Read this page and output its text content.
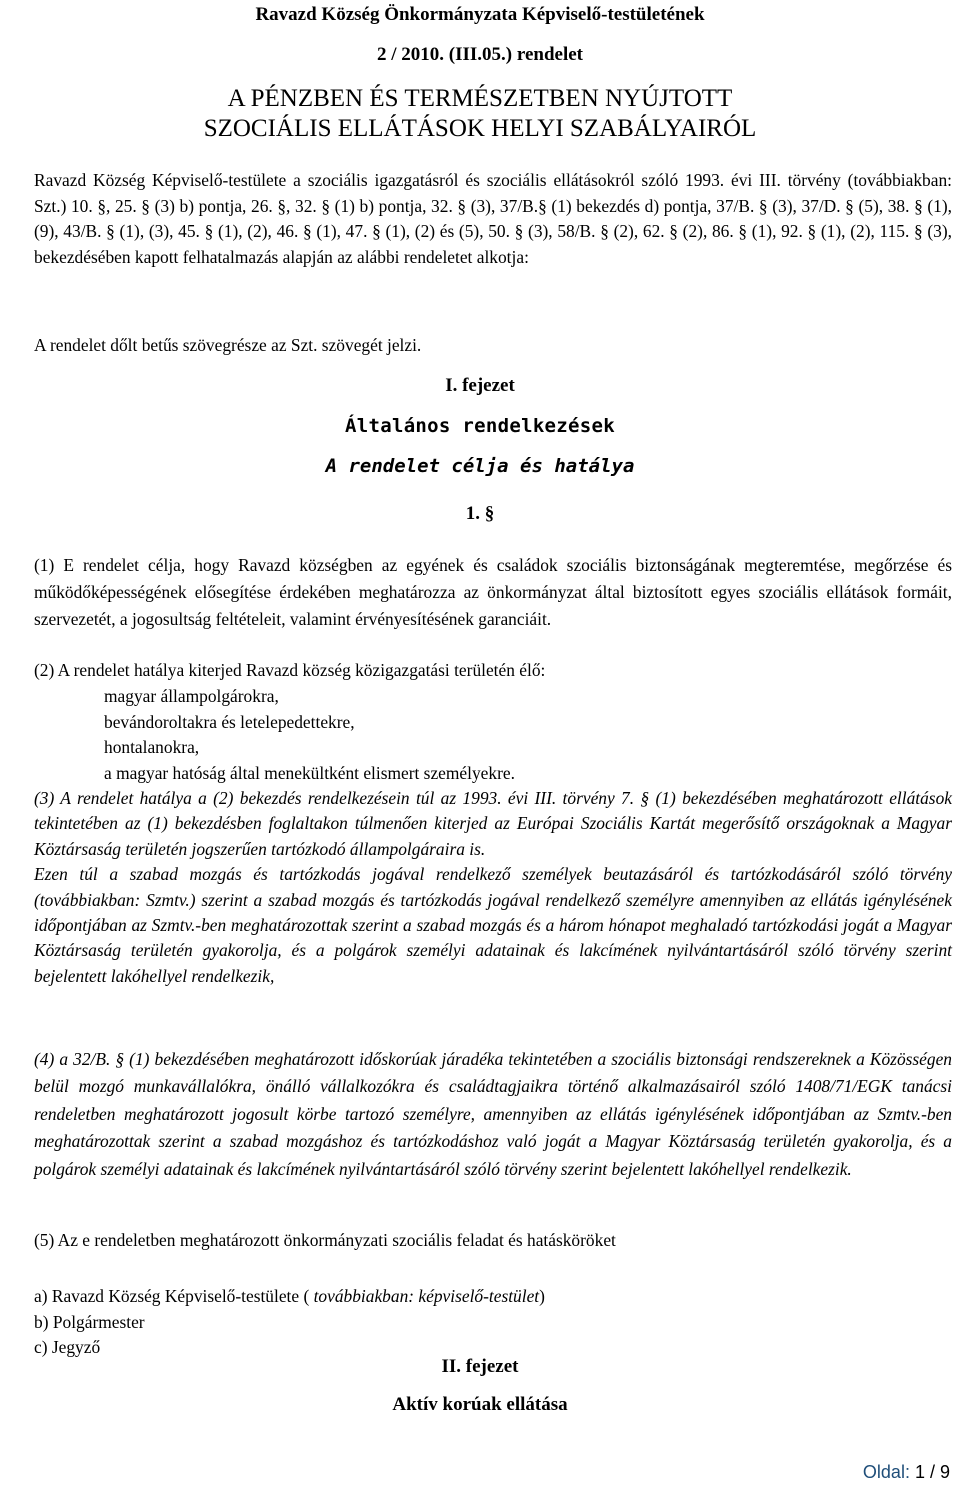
Ravazd Község Önkormányzata Képviselő-testületének
2 / 2010. (III.05.) rendelet
A PÉNZBEN ÉS TERMÉSZETBEN NYÚJTOTT
SZOCIÁLIS ELLÁTÁSOK HELYI SZABÁLYAIRÓL

Ravazd Község Képviselő-testülete a szociális igazgatásról és szociális ellátásokról szóló 1993. évi III. törvény (továbbiakban: Szt.) 10. §, 25. § (3) b) pontja, 26. §, 32. § (1) b) pontja, 32. § (3), 37/B.§ (1) bekezdés d) pontja, 37/B. § (3), 37/D. § (5), 38. § (1), (9), 43/B. § (1), (3), 45. § (1), (2), 46. § (1), 47. § (1), (2) és (5), 50. § (3), 58/B. § (2), 62. § (2), 86. § (1), 92. § (1), (2), 115. § (3), bekezdésében kapott felhatalmazás alapján az alábbi rendeletet alkotja:

A rendelet dőlt betűs szövegrésze az Szt. szövegét jelzi.

I. fejezet
Általános rendelkezések
A rendelet célja és hatálya
1. §

(1) E rendelet célja, hogy Ravazd községben az egyének és családok szociális biztonságának megteremtése, megőrzése és működőképességének elősegítése érdekében meghatározza az önkormányzat által biztosított egyes szociális ellátások formáit, szervezetét, a jogosultság feltételeit, valamint érvényesítésének garanciáit.

(2) A rendelet hatálya kiterjed Ravazd község közigazgatási területén élő:

magyar állampolgárokra,
bevándoroltakra és letelepedettekre,
hontalanokra,
a magyar hatóság által menekültként elismert személyekre.
(3) A rendelet hatálya a (2) bekezdés rendelkezésein túl az 1993. évi III. törvény 7. § (1) bekezdésében meghatározott ellátások tekintetében az (1) bekezdésben foglaltakon túlmenően kiterjed az Európai Szociális Kartát megerősítő országoknak a Magyar Köztársaság területén jogszerűen tartózkodó állampolgáraira is.
Ezen túl a szabad mozgás és tartózkodás jogával rendelkező személyek beutazásáról és tartózkodásáról szóló törvény (továbbiakban: Szmtv.) szerint a szabad mozgás és tartózkodás jogával rendelkező személyre amennyiben az ellátás igénylésének időpontjában az Szmtv.-ben meghatározottak szerint a szabad mozgás és a három hónapot meghaladó tartózkodási jogát a Magyar Köztársaság területén gyakorolja, és a polgárok személyi adatainak és lakcímének nyilvántartásáról szóló törvény szerint bejelentett lakóhellyel rendelkezik,

(4) a 32/B. § (1) bekezdésében meghatározott időskorúak járadéka tekintetében a szociális biztonsági rendszereknek a Közösségen belül mozgó munkavállalókra, önálló vállalkozókra és családtagjaikra történő alkalmazásairól szóló 1408/71/EGK tanácsi rendeletben meghatározott jogosult körbe tartozó személyre, amennyiben az ellátás igénylésének időpontjában az Szmtv.-ben meghatározottak szerint a szabad mozgáshoz és tartózkodáshoz való jogát a Magyar Köztársaság területén gyakorolja, és a polgárok személyi adatainak és lakcímének nyilvántartásáról szóló törvény szerint bejelentett lakóhellyel rendelkezik.

(5) Az e rendeletben meghatározott önkormányzati szociális feladat és hatásköröket

a) Ravazd Község Képviselő-testülete ( továbbiakban: képviselő-testület)
b) Polgármester
c) Jegyző
II. fejezet
Aktív korúak ellátása
Oldal: 1 / 9
